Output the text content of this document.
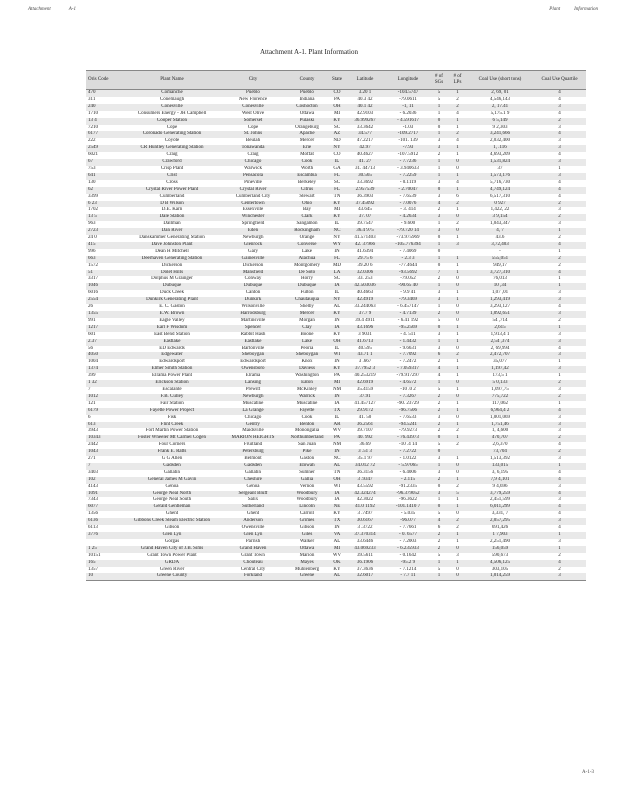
Attachment	A-1	Plant	Information
Attachment A-1. Plant Information
Oris Code	Plant Name	City	County	State	Latitude	Longitude	# of SGs	# of LPs	Coal Use (short tons)	Coal Use Quartile
470	Comanche	Pueblo	Pueblo	CO	3.20 1	-104.5747	5	1	2, 69, 01	4
311	Conemaugh	New Florence	Indiana	PA	40.3 42	-79.0611	5	2	4,546,143	4
240	Conesville	Conesville	Coshocton	OH	40.1 42	-1, 11	1	2	2, 17.41	3
1710	Consumers Energy - JH Campbell	West Olive	Ottawa	MI	42.9103	- 6.2036	1	4	5,175.1 9	4
13 4	Cooper Station	Somerset	Pulaski	KY	36.999267	- 4.591617	0	1	6 5,149	2
7210	Cope	Cope	Orangeburg	SC	33.3642	-1.03	0	1	9 2,303	3
6177	Coronado Generating Station	St. Johns	Apache	AZ	34.577	-109.2717	1	2	3,241,666	4
222	Coyote	Beulah	Mercer	ND	47.2217	-101. 139	3	4	2,032,400	3
2549	CR Huntley Generating Station	Tonawanda	Erie	NY	42.97	-7.93	3	1	1, .116	3
6021	Craig	Craig	Moffat	CO	40.4627	-107.5912	2	1	4,693,209	4
67	Crawford	Chicago	Cook	IL	41. 27	- 7.7236	1	0	1,531,824	3
753	Crisp Plant	Warwick	Worth	GA	31. 44713	- 3.940633	1	0	37	1
641	Crist	Pensacola	Escambia	FL	30.565	- 7.2259	1	1	1,573,176	3
130	Cross	Pineville	Berkeley	SC	33.3692	- 0.1119	3	4	5,716,730	4
62	Crystal River Power Plant	Crystal River	Citrus	FL	2.957539	- 2.70047	0	1	4,749,124	4
3399	Cumberland	Cumberland City	Stewart	TN	36.3903	- 7.6539	3	6	6,517,310	4
6 23	D B Wilson	Centertown	Ohio	KY	37.45092	- 7.0076	4	2	0 927	2
1702	D.E. Karn	Essexville	Bay	MI	43.645	- 3. 414	2	1	1,422, 22	3
13 5	Dale Station	Winchester	Clark	KY	37. 07	- 4.2634	3	0	3 9,154	2
963	Dallman	Springfield	Sangamon	IL	39.7547	- 9.600	1	2	1,043,347	3
2723	Dan River	Eden	Rockingham	NC	36.4 975	-79.720 14	3	0	4, 7	1
24 0	Danskammer Generating Station	Newburgh	Orange	NY	41.571403	-73.975969	0	1	43.6	2
415	Dave Johnston Plant	Glenrock	Converse	WY	42. 37966	-105.776394	1	3	3,72,403	4
996	Dean H Mitchell	Gary	Lake	IN	41.6394	- 7.4069	0		-	1
663	Deerhaven Generating Station	Gainesville	Alachua	FL	29.75 6	- 2.3 3	1	1	555,051	2
1572	Dickerson	Dickerson	Montgomery	MD	39.20 6	-77.4644	0	1	949,17	2
51	Dolet Hills	Mansfield	De Soto	LA	32.0306	-93.5692	7	1	3,727,310	4
3317	Dolphus M Grainger	Conway	Horry	SC	33. 253	-79.052	2	0	76,013	1
1046	Dubuque	Dubuque	Dubuque	IA	42.503036	-90.65 40	1	0	10 ,34	1
6016	Duck Creek	Canton	Fulton	IL	40.4663	- 9.9 41	3	1	1,07 ,01	3
2554	Dunkirk Generating Plant	Dunkirk	Chautauqua	NY	42.4919	-79.3469	3	1	1,293,419	3
26	E. C. Gaston	Wilsonville	Shelby	AL	33.244063	- 6.457147	1	0	3,293,127	4
1355	E.W. Brown	Harrodsburg	Mercer	KY	37.7 9	- 4.7139	2	0	1,092,651	3
991	Eagle Valley	Martinsville	Morgan	IN	39.4 4911	- 6.41 192	5	0	54 ,714	2
1217	Earl F Wisdom	Spencer	Clay	IA	43.1696	-95.2569	0	1	2,615	1
601	East Bend Station	Rabbit Hash	Boone	KY	3 9031	- 4. 511	3	1	1,913,4 1	3
2.37	Eastlake	Eastlake	Lake	OH	41.6713	- 1.4432	1	1	2,54 ,374	3
56	ED Edwards	Bartonville	Peoria	IL	40.595	- 9.6631	3	0	2, 69,994	4
4050	Edgewater	Sheboygan	Sheboygan	WI	43.71 1	- 7.7092	6	2	2,472,707	3
1004	Edwardsport	Edwardsport	Knox	IN	3 .667	- 7.2472	2	1	35,077	1
1374	Elmer Smith Station	Owensboro	Daviess	KY	37.7952 3	- 7.059317	4	1	1,197,42	3
399	Elrama Power Plant	Elrama	Washington	PA	40.253219	-79.917297	4	1	173,5 1	1
1 32	Erickson Station	Lansing	Eaton	MI	42.6919	- 4.6572	1	0	5 0,133	2
7	Escalante	Prewitt	McKinley	NM	35.4159	-10 .0 2	5	1	1,097,75	3
1012	F.B. Culley	Newburgh	Warrick	IN	37.91	- 7.3267	2	0	775,722	2
121	Fair Station	Muscatine	Muscatine	IA	41.457127	-90. 23729	2	1	117,062	1
6179	Fayette Power Project	La Grange	Fayette	TX	29.9172	-96.7506	2	1	6,964,4 2	4
6	Fisk	Chicago	Cook	IL	41. 50	- 7.6533	3	0	1,001,069	3
613	Flint Creek	Gentry	Benton	AR	36.2561	-94.5241	2	1	1,751,46	3
3943	Fort Martin Power Station	Maidsville	Monongalia	WV	39.7107	-79.9273	2	2	1, 4,600	3
10343	Foster Wheeler Mt Carmel Cogen	MARION HEIGHTS	Northumberland	PA	40. 992	- 76.43973	0	1	470,707	2
2442	Four Corners	Fruitland	San Juan	NM	36.69	-10 .4 14	5	2	2,6,370	4
1043	Frank E. Ratts	Petersburg	Pike	IN	3 .51 3	- 7.2722	0		73,704	2
271	G G Allen	Belmont	Gaston	NC	35.1 97	- 1.0122	3	1	1,513,392	3
7	Gadsden	Gadsden	Etowah	AL	34.012 72	- 5.97065	1	0	133,015	1
3403	Gallatin	Gallatin	Sumner	TN	36.3156	- 6.4006	3	0	3, 6,195	4
102	General James M Gavin	Cheshire	Gallia	OH	3 .9347	- 2.115	2	1	7,9 4,101	4
4143	Genoa	Genoa	Vernon	WI	43.5592	-91.2335	0	2	9 4,696	3
1091	George Neal North	Sergeant Bluff	Woodbury	IA	42.324274	-96.379052	3	5	3,779,259	4
7343	George Neal South	Salix	Woodbury	IA	42.3022	-96.3622	1	1	2,451,599	3
6077	Gerald Gentleman	Sutherland	Lincoln	NE	41.0 1192	-101.1410 7	0	1	6,011,299	4
1356	Ghent	Ghent	Carroll	KY	3 .7497	- 5.035	5	0	3,331, 7	4
6136	Gibbons Creek Steam Electric Station	Anderson	Grimes	TX	30.6167	-96.077	4	2	2,057,295	3
6113	Gibson	Owensville	Gibson	IN	3 .3722	- 7.7661	6	2	691,426	4
3776	Glen Lyn	Glen Lyn	Giles	VA	37.370314	- 0. 6577	2	1	1 7,903	1
	Gorgas	Parrish	Walker	AL	33.6446	- 7.2003	2	1	2,251,490	3
1 25	Grand Haven City of J.B. Sims	Grand Haven	Ottawa	MI	43.069233	- 6.235933	2	0	156,059	1
10151	Grant Town Power Plant	Grant Town	Marion	WV	39.5611	- 0.1642	5	3	590,673	2
165	GRDA	Chouteau	Mayes	OK	36.1906	-95.2 9	1	1	4,506,125	4
1357	Green River	Central City	Muhlenberg	KY	37.3636	- 7.1214	5	0	303,105	2
10	Greene County	Forkland	Greene	AL	32.6017	- 7.7 11	1	0	1,014,259	3
A-1-3
